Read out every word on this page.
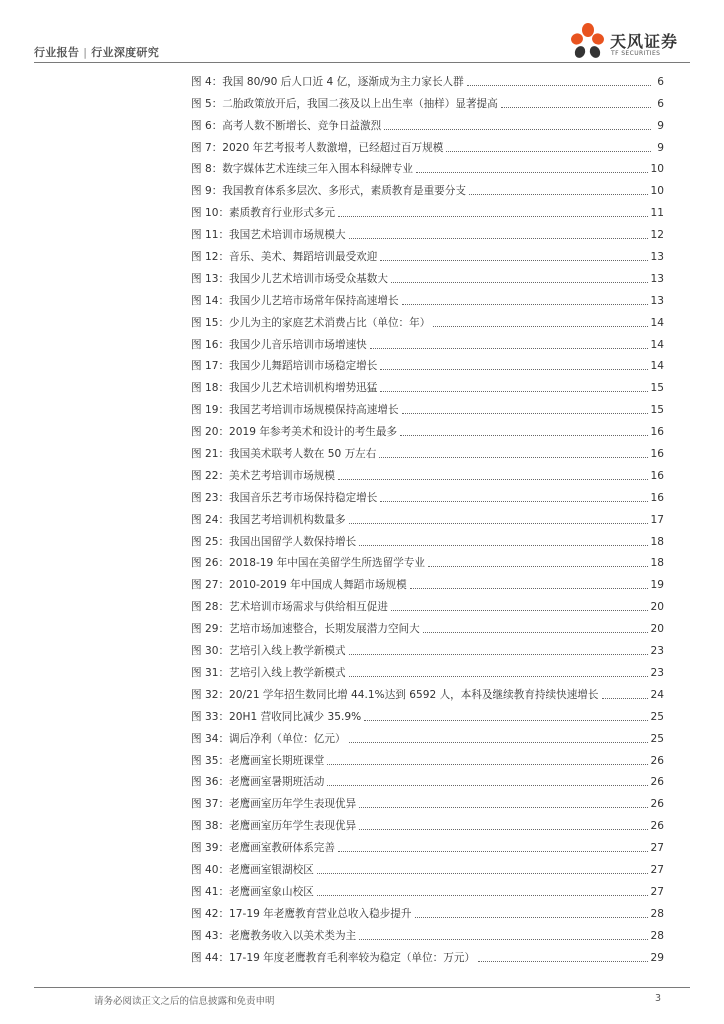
行业报告 | 行业深度研究
天风证券
TF SECURITIES
图 4：我国 80/90 后人口近 4 亿，逐渐成为主力家长人群	6
图 5：二胎政策放开后，我国二孩及以上出生率（抽样）显著提高	6
图 6：高考人数不断增长、竞争日益激烈	9
图 7：2020 年艺考报考人数激增，已经超过百万规模	9
图 8：数字媒体艺术连续三年入围本科绿牌专业	10
图 9：我国教育体系多层次、多形式，素质教育是重要分支	10
图 10：素质教育行业形式多元	11
图 11：我国艺术培训市场规模大	12
图 12：音乐、美术、舞蹈培训最受欢迎	13
图 13：我国少儿艺术培训市场受众基数大	13
图 14：我国少儿艺培市场常年保持高速增长	13
图 15：少儿为主的家庭艺术消费占比（单位：年）	14
图 16：我国少儿音乐培训市场增速快	14
图 17：我国少儿舞蹈培训市场稳定增长	14
图 18：我国少儿艺术培训机构增势迅猛	15
图 19：我国艺考培训市场规模保持高速增长	15
图 20：2019 年参考美术和设计的考生最多	16
图 21：我国美术联考人数在 50 万左右	16
图 22：美术艺考培训市场规模	16
图 23：我国音乐艺考市场保持稳定增长	16
图 24：我国艺考培训机构数量多	17
图 25：我国出国留学人数保持增长	18
图 26：2018-19 年中国在美留学生所选留学专业	18
图 27：2010-2019 年中国成人舞蹈市场规模	19
图 28：艺术培训市场需求与供给相互促进	20
图 29：艺培市场加速整合，长期发展潜力空间大	20
图 30：艺培引入线上教学新模式	23
图 31：艺培引入线上教学新模式	23
图 32：20/21 学年招生数同比增 44.1%达到 6592 人，本科及继续教育持续快速增长	24
图 33：20H1 营收同比减少 35.9%	25
图 34：调后净利（单位：亿元）	25
图 35：老鹰画室长期班课堂	26
图 36：老鹰画室暑期班活动	26
图 37：老鹰画室历年学生表现优异	26
图 38：老鹰画室历年学生表现优异	26
图 39：老鹰画室教研体系完善	27
图 40：老鹰画室银湖校区	27
图 41：老鹰画室象山校区	27
图 42：17-19 年老鹰教育营业总收入稳步提升	28
图 43：老鹰教务收入以美术类为主	28
图 44：17-19 年度老鹰教育毛利率较为稳定（单位：万元）	29
请务必阅读正文之后的信息披露和免责申明	3
